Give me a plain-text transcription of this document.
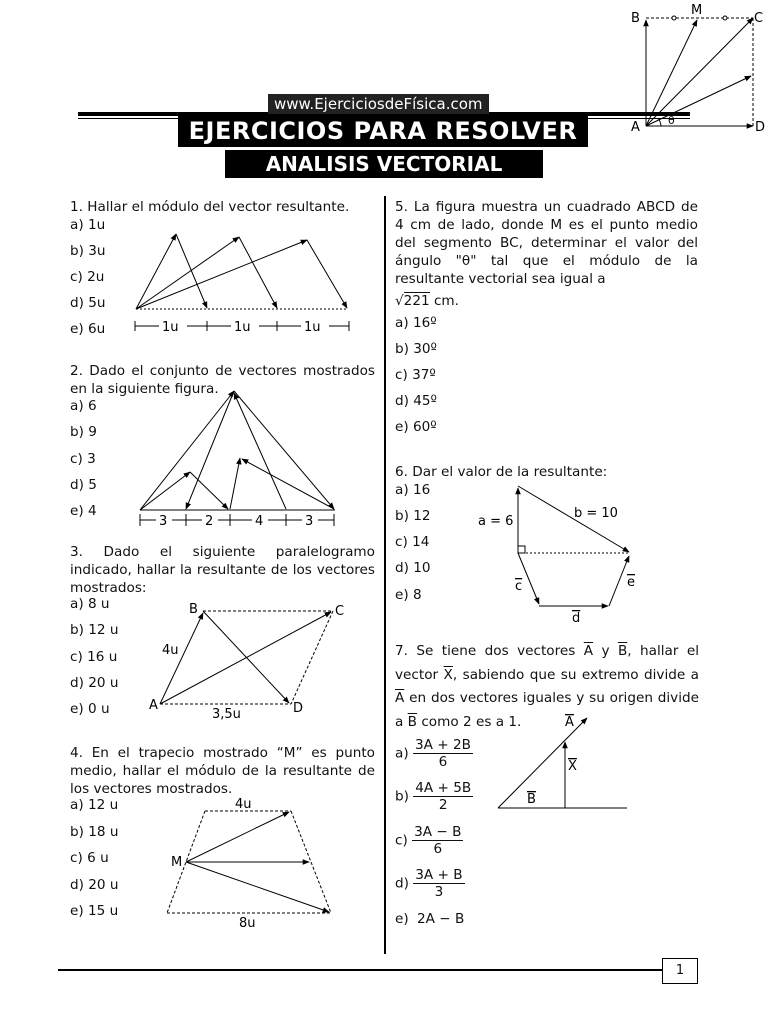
www.EjerciciosdeFísica.com
EJERCICIOS PARA RESOLVER
ANALISIS VECTORIAL
B
M
C
A	D
θ
1. Hallar el módulo del vector resultante.
a) 1u
b) 3u
c) 2u
d) 5u
e) 6u	1u	1u	1u
2. Dado el conjunto de vectores mostrados en la siguiente figura.
a) 6
b) 9
c) 3
d) 5
e) 4
3	2	4	3
3. Dado el siguiente paralelogramo indicado, hallar la resultante de los vectores mostrados:
a) 8 u
b) 12 u
c) 16 u
d) 20 u
e) 0 u
B	C
A	D
4u
3,5u
4. En el trapecio mostrado “M” es punto medio, hallar el módulo de la resultante de los vectores mostrados.
a) 12 u
b) 18 u
c) 6 u
d) 20 u
e) 15 u
4u
8u
M
5. La figura muestra un cuadrado ABCD de 4 cm de lado, donde M es el punto medio del segmento BC, determinar el valor del ángulo "θ" tal que el módulo de la resultante vectorial sea igual a
√221 cm.
a) 16º
b) 30º
c) 37º
d) 45º
e) 60º
6. Dar el valor de la resultante:
a) 16
b) 12
c) 14
d) 10
e) 8
a = 6
b = 10
c
d
e
7. Se tiene dos vectores $\overline{A}$ y $\overline{B}$, hallar el vector $\overline{X}$, sabiendo que su extremo divide a $\overline{A}$ en dos vectores iguales y su origen divide a $\overline{B}$ como 2 es a 1.
$a) \frac{3A + 2B}{6}$
$b) \frac{4A + 5B}{2}$
$c) \frac{3A - B}{6}$
$d) \frac{3A + B}{3}$
e) 2A − B
A
X
B
1
